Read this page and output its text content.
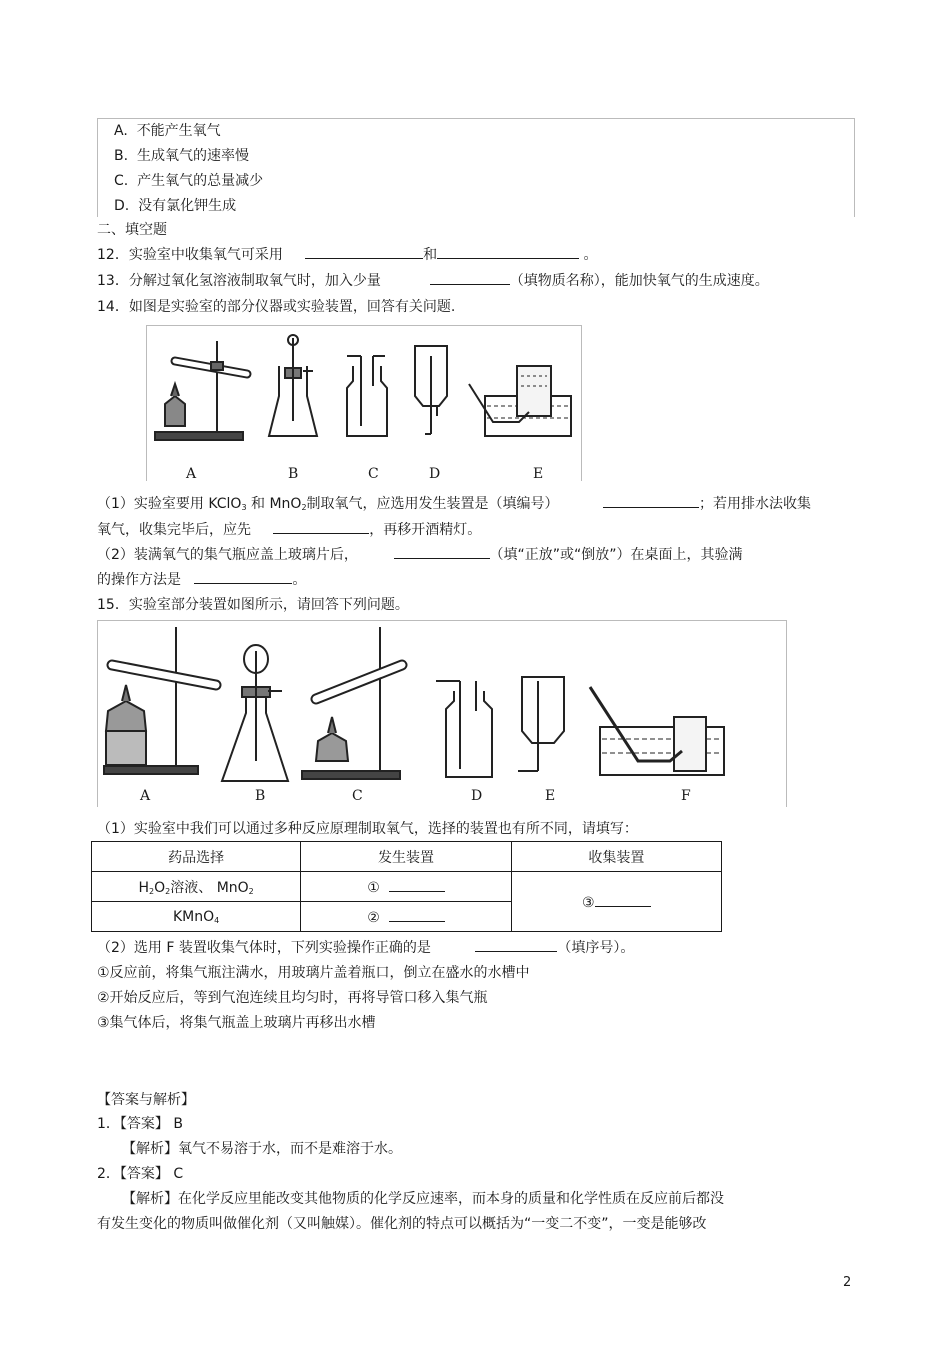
A. 不能产生氧气
B. 生成氧气的速率慢
C. 产生氧气的总量减少
D. 没有氯化钾生成
二、填空题
12．实验室中收集氧气可采用	和	。
13．分解过氧化氢溶液制取氧气时，加入少量	（填物质名称），能加快氧气的生成速度。
14．如图是实验室的部分仪器或实验装置，回答有关问题.
A	B	C	D	E
（1）实验室要用 KClO$_3$ 和 MnO$_2$制取氧气，应选用发生装置是（填编号）	；若用排水法收集
氧气，收集完毕后，应先	，再移开酒精灯。
（2）装满氧气的集气瓶应盖上玻璃片后，	（填“正放”或“倒放”）在桌面上，其验满
的操作方法是	。
15．实验室部分装置如图所示，请回答下列问题。
A	B	C	D	E	F
（1）实验室中我们可以通过多种反应原理制取氧气，选择的装置也有所不同，请填写：
药品选择	发生装置	收集装置
$H_2O_2$溶液、 MnO$_2$	①	③
KMnO$_4$	②	
（2）选用 F 装置收集气体时，下列实验操作正确的是	（填序号）。
①反应前，将集气瓶注满水，用玻璃片盖着瓶口，倒立在盛水的水槽中
②开始反应后，等到气泡连续且均匀时，再将导管口移入集气瓶
③集气体后，将集气瓶盖上玻璃片再移出水槽
【答案与解析】
1．【答案】 B
【解析】氧气不易溶于水，而不是难溶于水。
2．【答案】 C
【解析】在化学反应里能改变其他物质的化学反应速率，而本身的质量和化学性质在反应前后都没
有发生变化的物质叫做催化剂（又叫触媒）。催化剂的特点可以概括为“一变二不变”，一变是能够改
2
